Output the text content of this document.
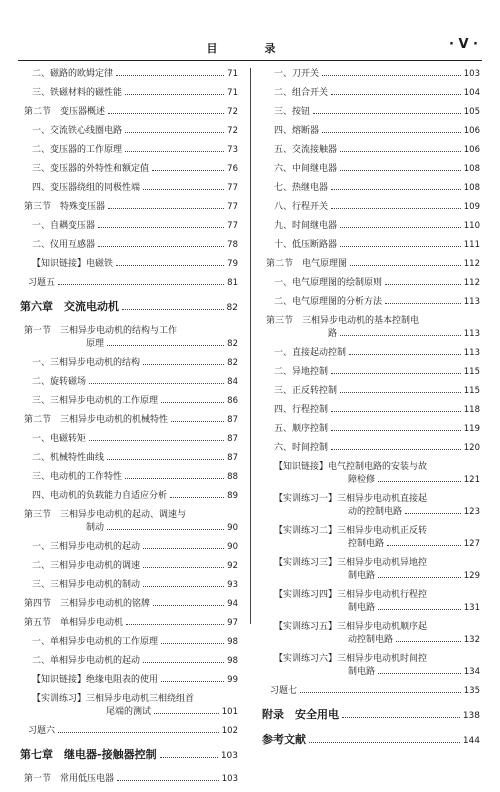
目　录	· V ·
二、磁路的欧姆定律	71
三、铁磁材料的磁性能	71
第二节　变压器概述	72
一、交流铁心线圈电路	72
二、变压器的工作原理	73
三、变压器的外特性和额定值	76
四、变压器绕组的同极性端	77
第三节　特殊变压器	77
一、自耦变压器	77
二、仪用互感器	78
【知识链接】电磁铁	79
习题五	81
第六章　交流电动机	82
第一节　三相异步电动机的结构与工作
原理	82
一、三相异步电动机的结构	82
二、旋转磁场	84
三、三相异步电动机的工作原理	86
第二节　三相异步电动机的机械特性	87
一、电磁转矩	87
二、机械特性曲线	87
三、电动机的工作特性	88
四、电动机的负载能力自适应分析	89
第三节　三相异步电动机的起动、调速与
制动	90
一、三相异步电动机的起动	90
二、三相异步电动机的调速	92
三、三相异步电动机的制动	93
第四节　三相异步电动机的铭牌	94
第五节　单相异步电动机	97
一、单相异步电动机的工作原理	98
二、单相异步电动机的起动	98
【知识链接】绝缘电阻表的使用	99
【实训练习】三相异步电动机三相绕组首
尾端的测试	101
习题六	102
第七章　继电器-接触器控制	103
第一节　常用低压电器	103
一、刀开关	103
二、组合开关	104
三、按钮	105
四、熔断器	106
五、交流接触器	106
六、中间继电器	108
七、热继电器	108
八、行程开关	109
九、时间继电器	110
十、低压断路器	111
第二节　电气原理图	112
一、电气原理图的绘制原则	112
二、电气原理图的分析方法	113
第三节　三相异步电动机的基本控制电
路	113
一、直接起动控制	113
二、异地控制	115
三、正反转控制	115
四、行程控制	118
五、顺序控制	119
六、时间控制	120
【知识链接】电气控制电路的安装与故
障检修	121
【实训练习一】三相异步电动机直接起
动的控制电路	123
【实训练习二】三相异步电动机正反转
控制电路	127
【实训练习三】三相异步电动机异地控
制电路	129
【实训练习四】三相异步电动机行程控
制电路	131
【实训练习五】三相异步电动机顺序起
动控制电路	132
【实训练习六】三相异步电动机时间控
制电路	134
习题七	135
附录　安全用电	138
参考文献	144
